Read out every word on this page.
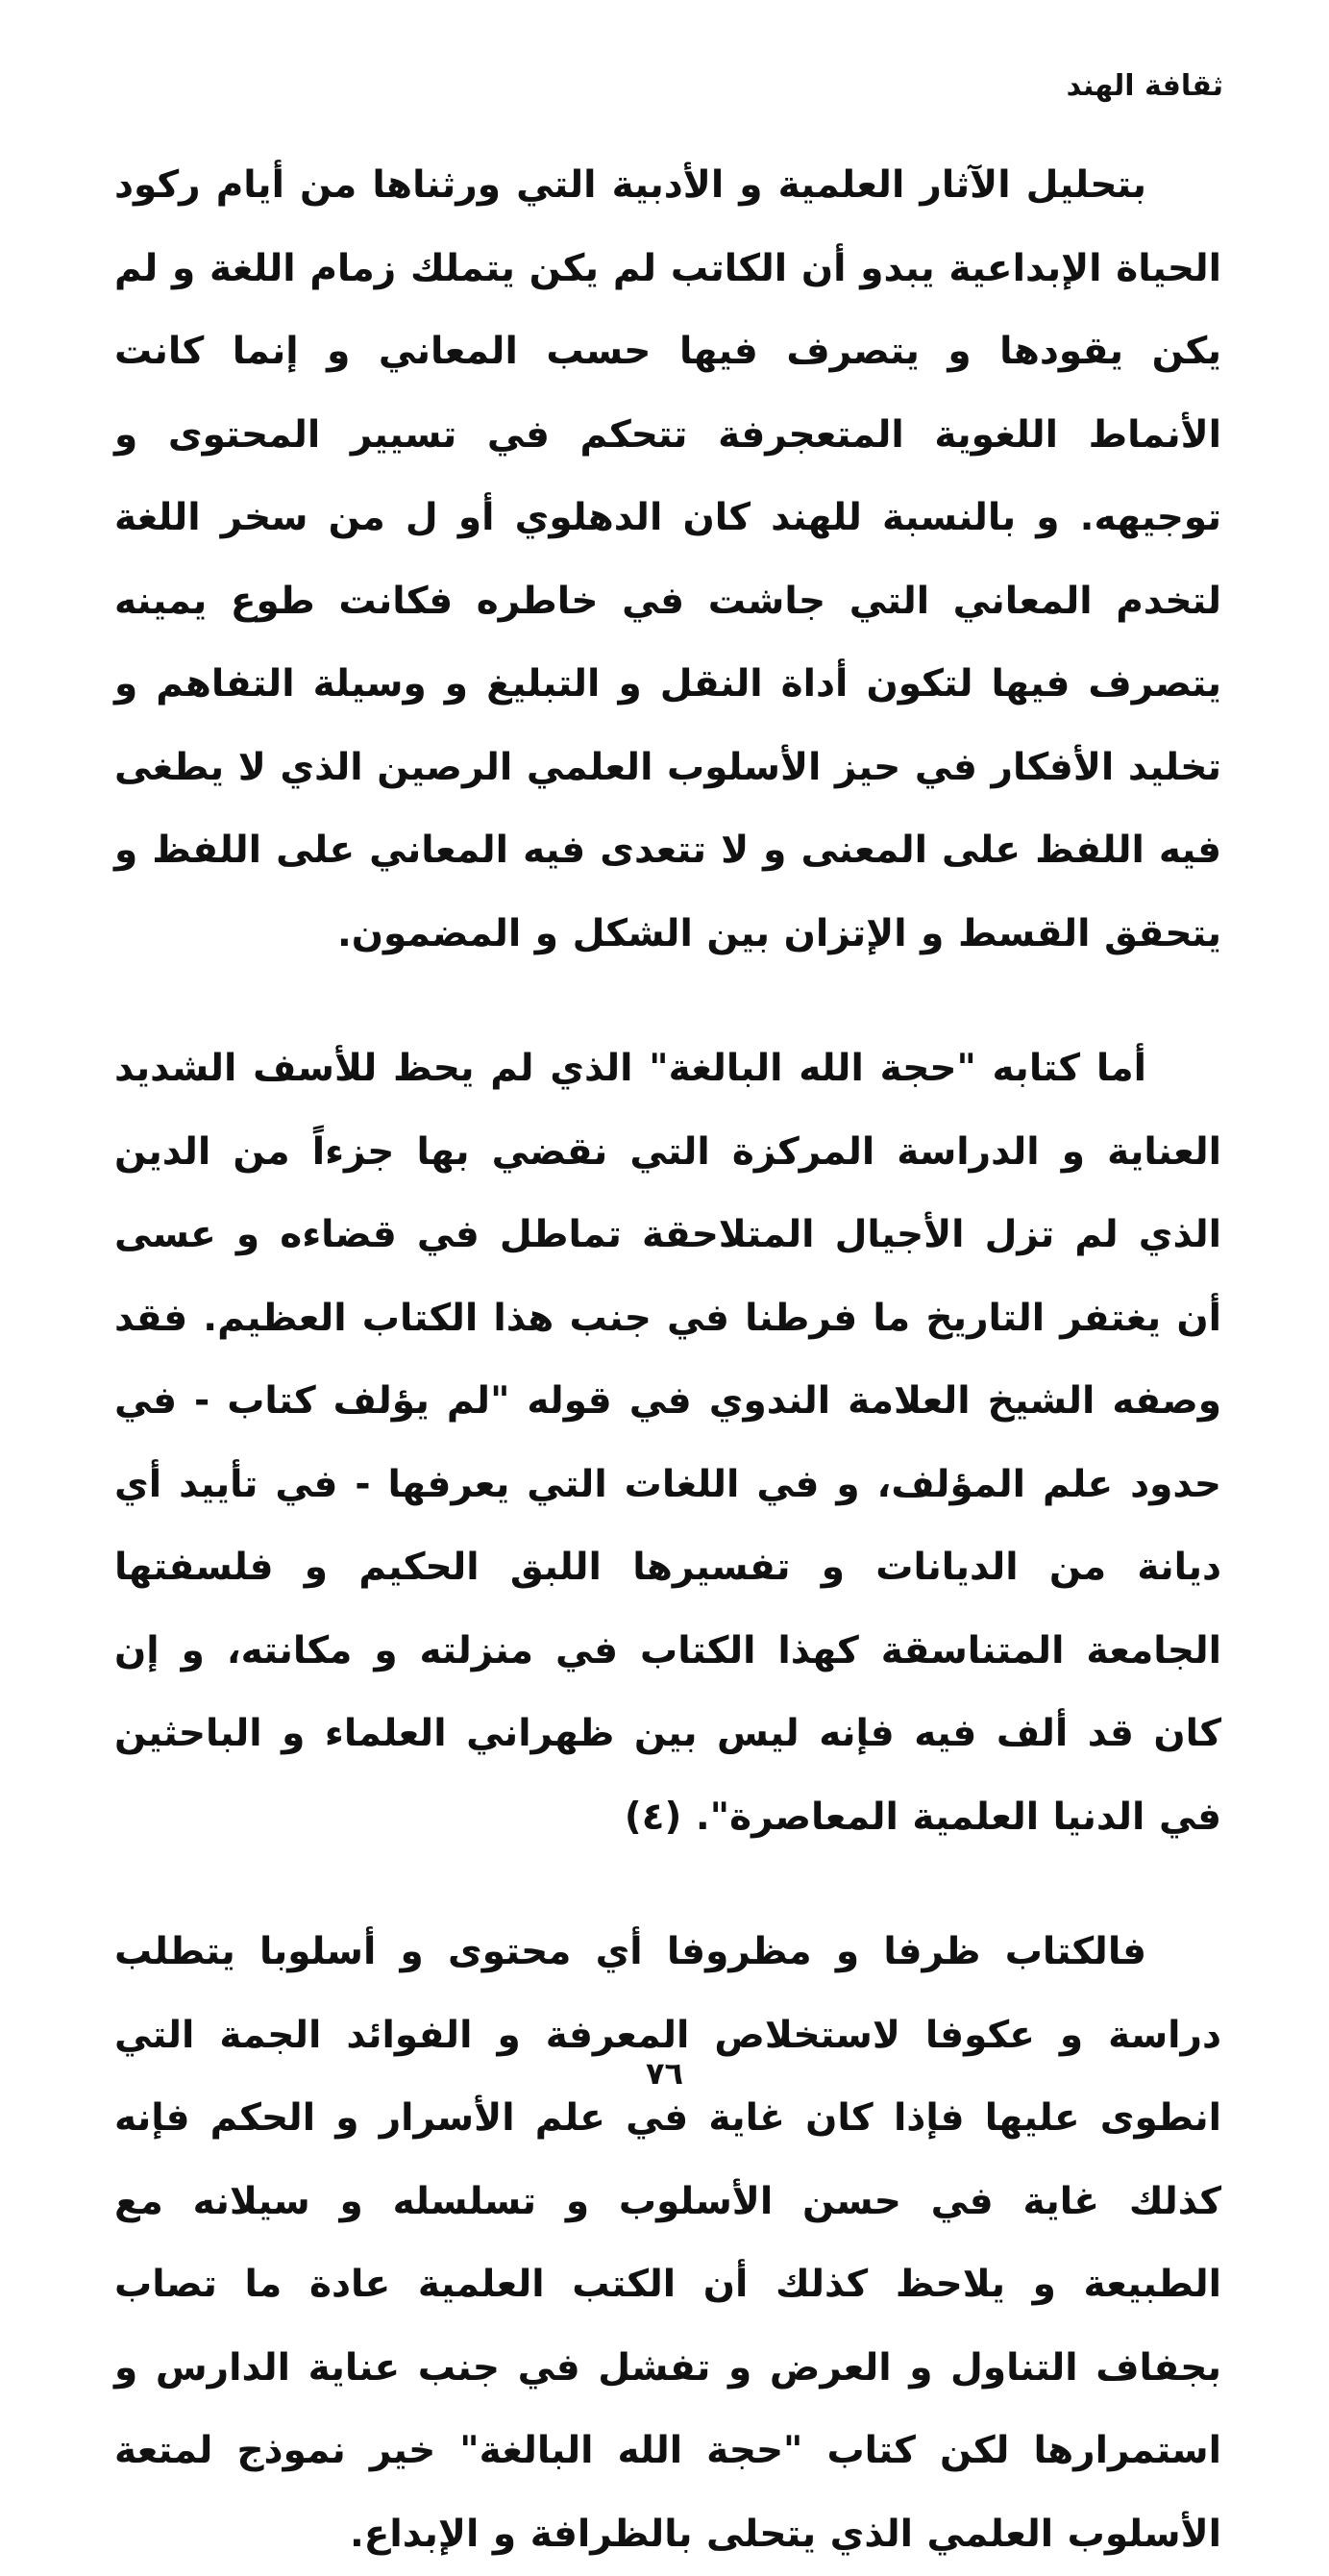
ثقافة الهند

بتحليل الآثار العلمية و الأدبية التي ورثناها من أيام ركود الحياة الإبداعية يبدو أن الكاتب لم يكن يتملك زمام اللغة و لم يكن يقودها و يتصرف فيها حسب المعاني و إنما كانت الأنماط اللغوية المتعجرفة تتحكم في تسيير المحتوى و توجيهه. و بالنسبة للهند كان الدهلوي أو ل من سخر اللغة لتخدم المعاني التي جاشت في خاطره فكانت طوع يمينه يتصرف فيها لتكون أداة النقل و التبليغ و وسيلة التفاهم و تخليد الأفكار في حيز الأسلوب العلمي الرصين الذي لا يطغى فيه اللفظ على المعنى و لا تتعدى فيه المعاني على اللفظ و يتحقق القسط و الإتزان بين الشكل و المضمون.

أما كتابه "حجة الله البالغة" الذي لم يحظ للأسف الشديد العناية و الدراسة المركزة التي نقضي بها جزءاً من الدين الذي لم تزل الأجيال المتلاحقة تماطل في قضاءه و عسى أن يغتفر التاريخ ما فرطنا في جنب هذا الكتاب العظيم. فقد وصفه الشيخ العلامة الندوي في قوله "لم يؤلف كتاب - في حدود علم المؤلف، و في اللغات التي يعرفها - في تأييد أي ديانة من الديانات و تفسيرها اللبق الحكيم و فلسفتها الجامعة المتناسقة كهذا الكتاب في منزلته و مكانته، و إن كان قد ألف فيه فإنه ليس بين ظهراني العلماء و الباحثين في الدنيا العلمية المعاصرة". (٤)

فالكتاب ظرفا و مظروفا أي محتوى و أسلوبا يتطلب دراسة و عكوفا لاستخلاص المعرفة و الفوائد الجمة التي انطوى عليها فإذا كان غاية في علم الأسرار و الحكم فإنه كذلك غاية في حسن الأسلوب و تسلسله و سيلانه مع الطبيعة و يلاحظ كذلك أن الكتب العلمية عادة ما تصاب بجفاف التناول و العرض و تفشل في جنب عناية الدارس و استمرارها لكن كتاب "حجة الله البالغة" خير نموذج لمتعة الأسلوب العلمي الذي يتحلى بالظرافة و الإبداع.

٧٦
